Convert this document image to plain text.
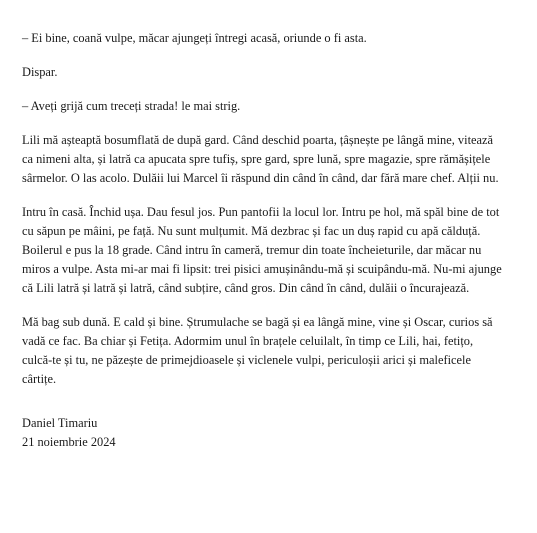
– Ei bine, coană vulpe, măcar ajungeți întregi acasă, oriunde o fi asta.
Dispar.
– Aveți grijă cum treceți strada! le mai strig.
Lili mă așteaptă bosumflată de după gard. Când deschid poarta, țâșnește pe lângă mine, vitează
ca nimeni alta, și latră ca apucata spre tufiș, spre gard, spre lună, spre magazie, spre rămășițele
sârmelor. O las acolo. Dulăii lui Marcel îi răspund din când în când, dar fără mare chef. Alții nu.
Intru în casă. Închid ușa. Dau fesul jos. Pun pantofii la locul lor. Intru pe hol, mă spăl bine de tot
cu săpun pe mâini, pe față. Nu sunt mulțumit. Mă dezbrac și fac un duș rapid cu apă călduță.
Boilerul e pus la 18 grade. Când intru în cameră, tremur din toate încheieturile, dar măcar nu
miros a vulpe. Asta mi-ar mai fi lipsit: trei pisici amușinându-mă și scuipându-mă. Nu-mi ajunge
că Lili latră și latră și latră, când subțire, când gros. Din când în când, dulăii o încurajează.
Mă bag sub dună. E cald și bine. Ștrumulache se bagă și ea lângă mine, vine și Oscar, curios să
vadă ce fac. Ba chiar și Fetița. Adormim unul în brațele celuilalt, în timp ce Lili, hai, fetițo,
culcă-te și tu, ne păzește de primejdioasele și viclenele vulpi, periculoșii arici și maleficele
cârtițe.
Daniel Timariu
21 noiembrie 2024
